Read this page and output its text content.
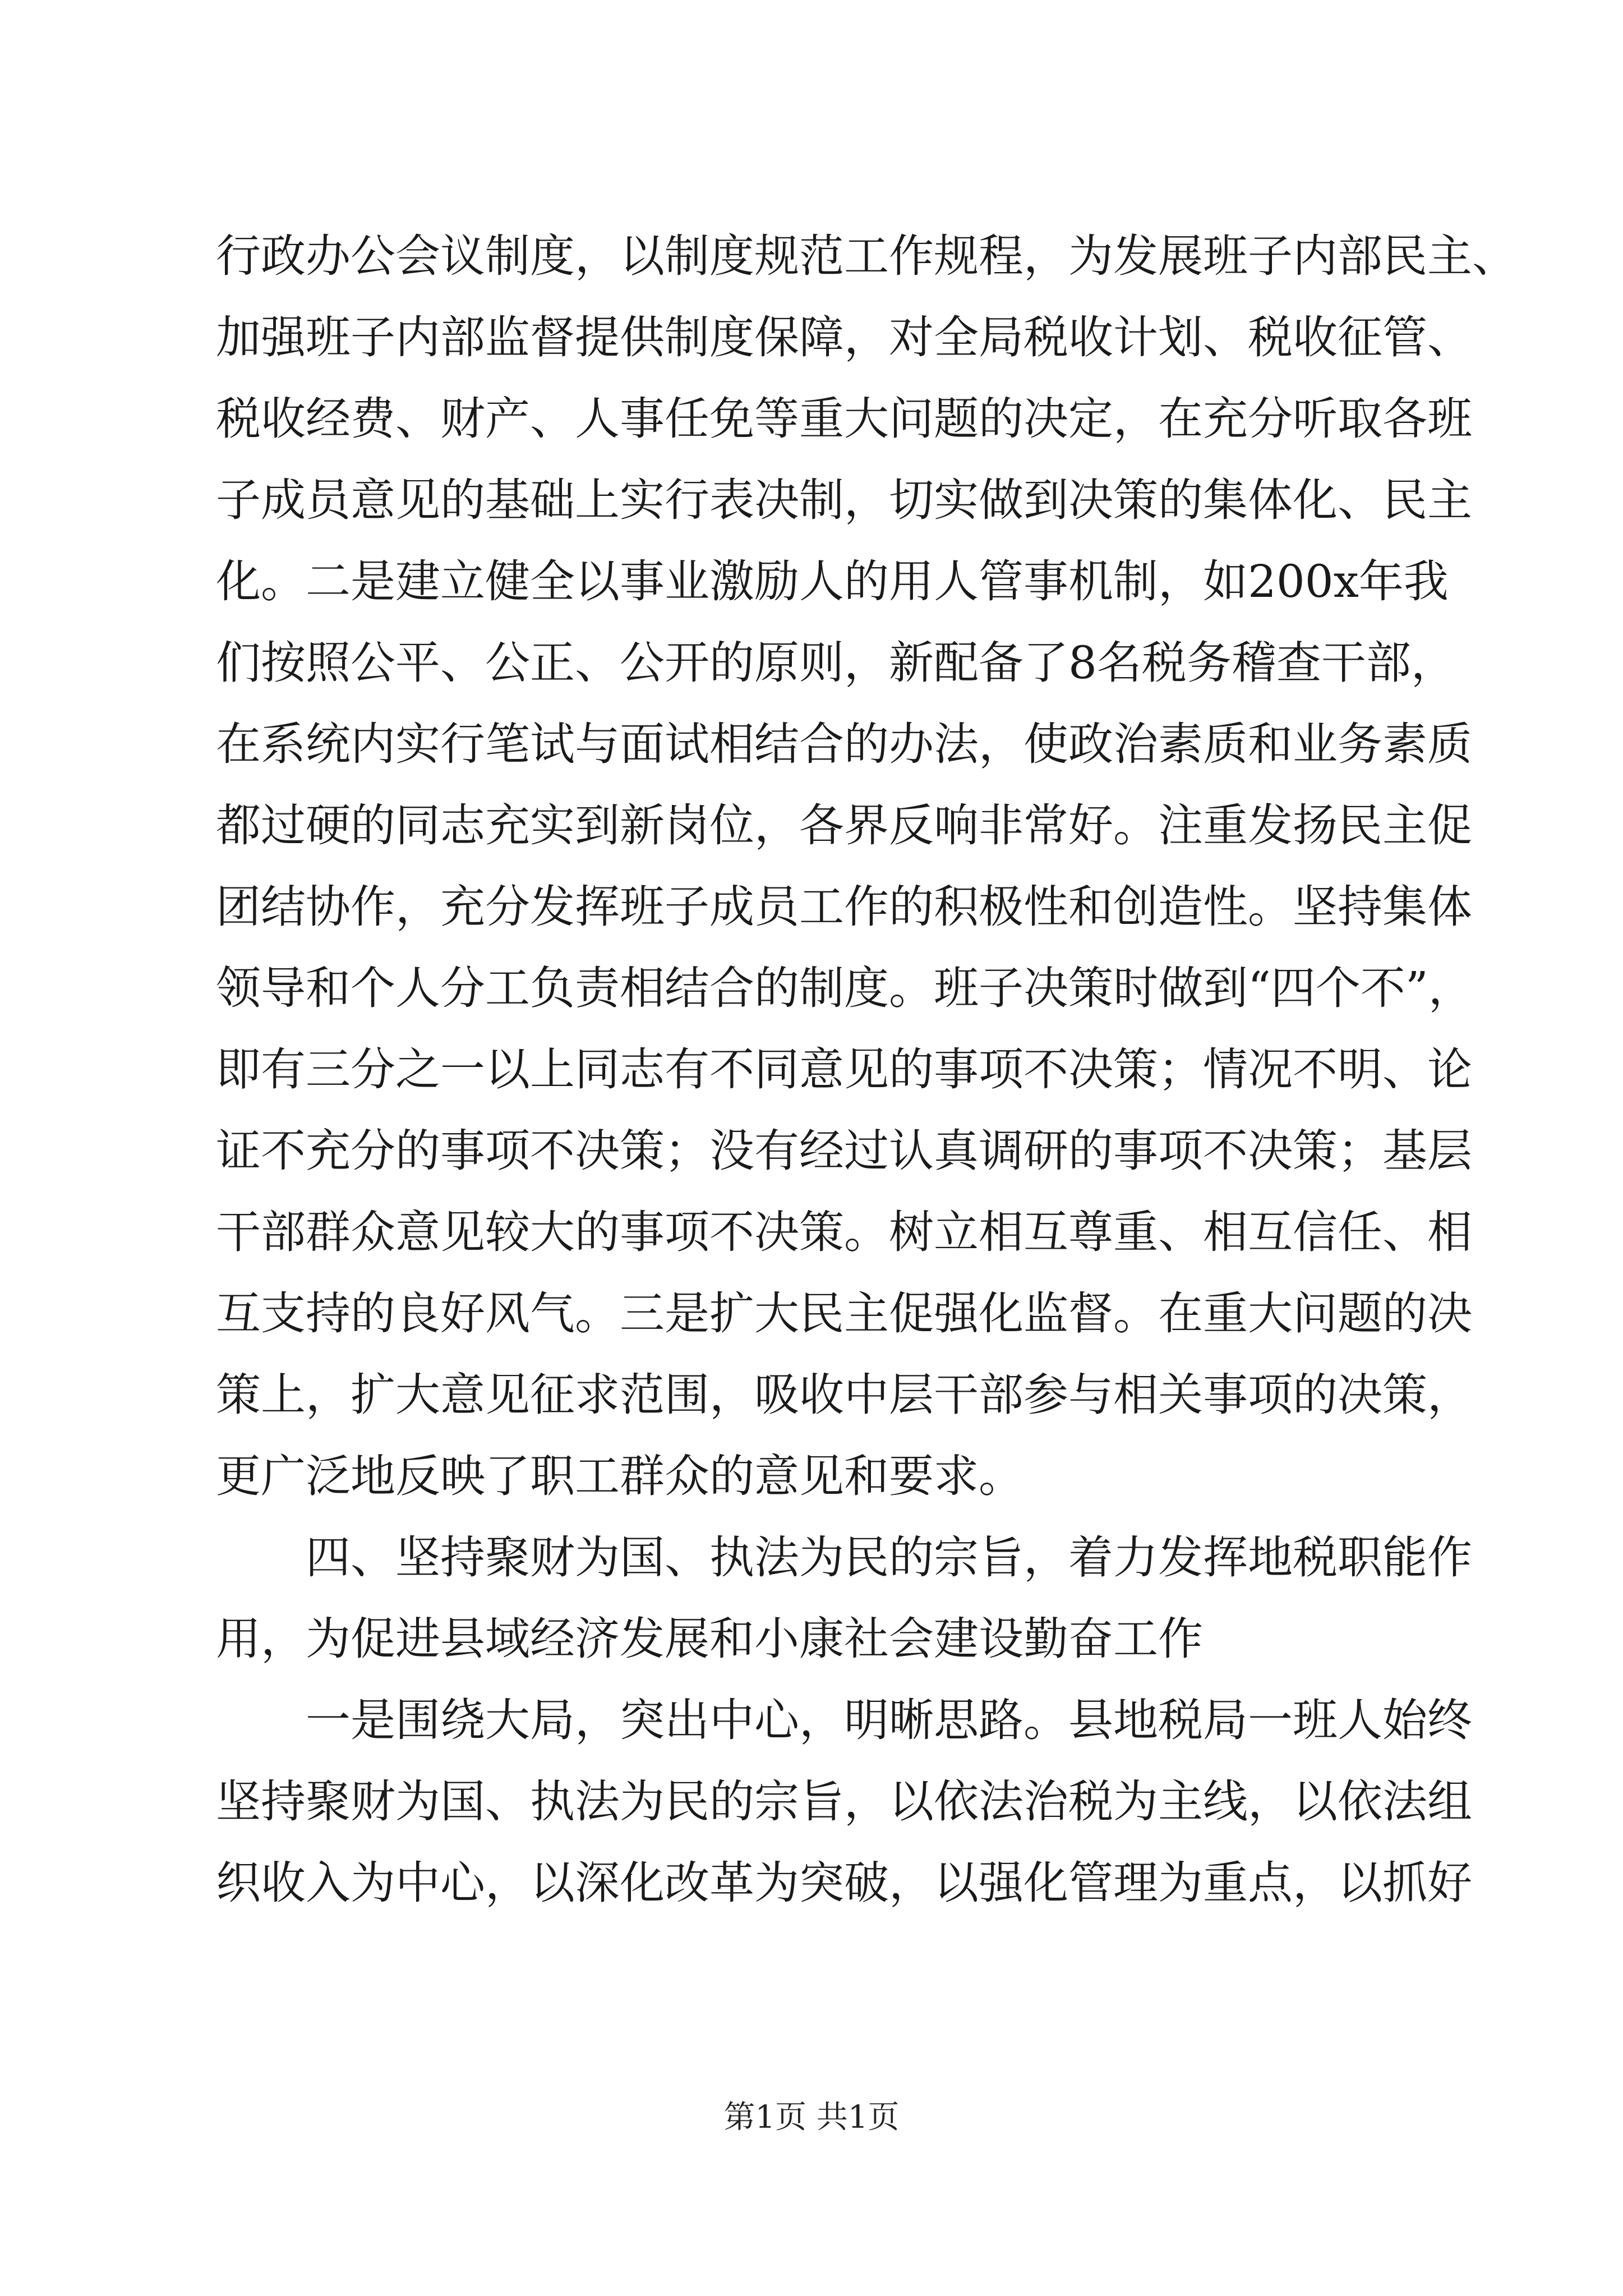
行政办公会议制度，以制度规范工作规程，为发展班子内部民主、
加强班子内部监督提供制度保障，对全局税收计划、税收征管、
税收经费、财产、人事任免等重大问题的决定，在充分听取各班
子成员意见的基础上实行表决制，切实做到决策的集体化、民主
化。二是建立健全以事业激励人的用人管事机制，如200x年我
们按照公平、公正、公开的原则，新配备了8名税务稽查干部，
在系统内实行笔试与面试相结合的办法，使政治素质和业务素质
都过硬的同志充实到新岗位，各界反响非常好。注重发扬民主促
团结协作，充分发挥班子成员工作的积极性和创造性。坚持集体
领导和个人分工负责相结合的制度。班子决策时做到“四个不”，
即有三分之一以上同志有不同意见的事项不决策；情况不明、论
证不充分的事项不决策；没有经过认真调研的事项不决策；基层
干部群众意见较大的事项不决策。树立相互尊重、相互信任、相
互支持的良好风气。三是扩大民主促强化监督。在重大问题的决
策上，扩大意见征求范围，吸收中层干部参与相关事项的决策，
更广泛地反映了职工群众的意见和要求。
四、坚持聚财为国、执法为民的宗旨，着力发挥地税职能作
用，为促进县域经济发展和小康社会建设勤奋工作
一是围绕大局，突出中心，明晰思路。县地税局一班人始终
坚持聚财为国、执法为民的宗旨，以依法治税为主线，以依法组
织收入为中心，以深化改革为突破，以强化管理为重点，以抓好
第1页 共1页
